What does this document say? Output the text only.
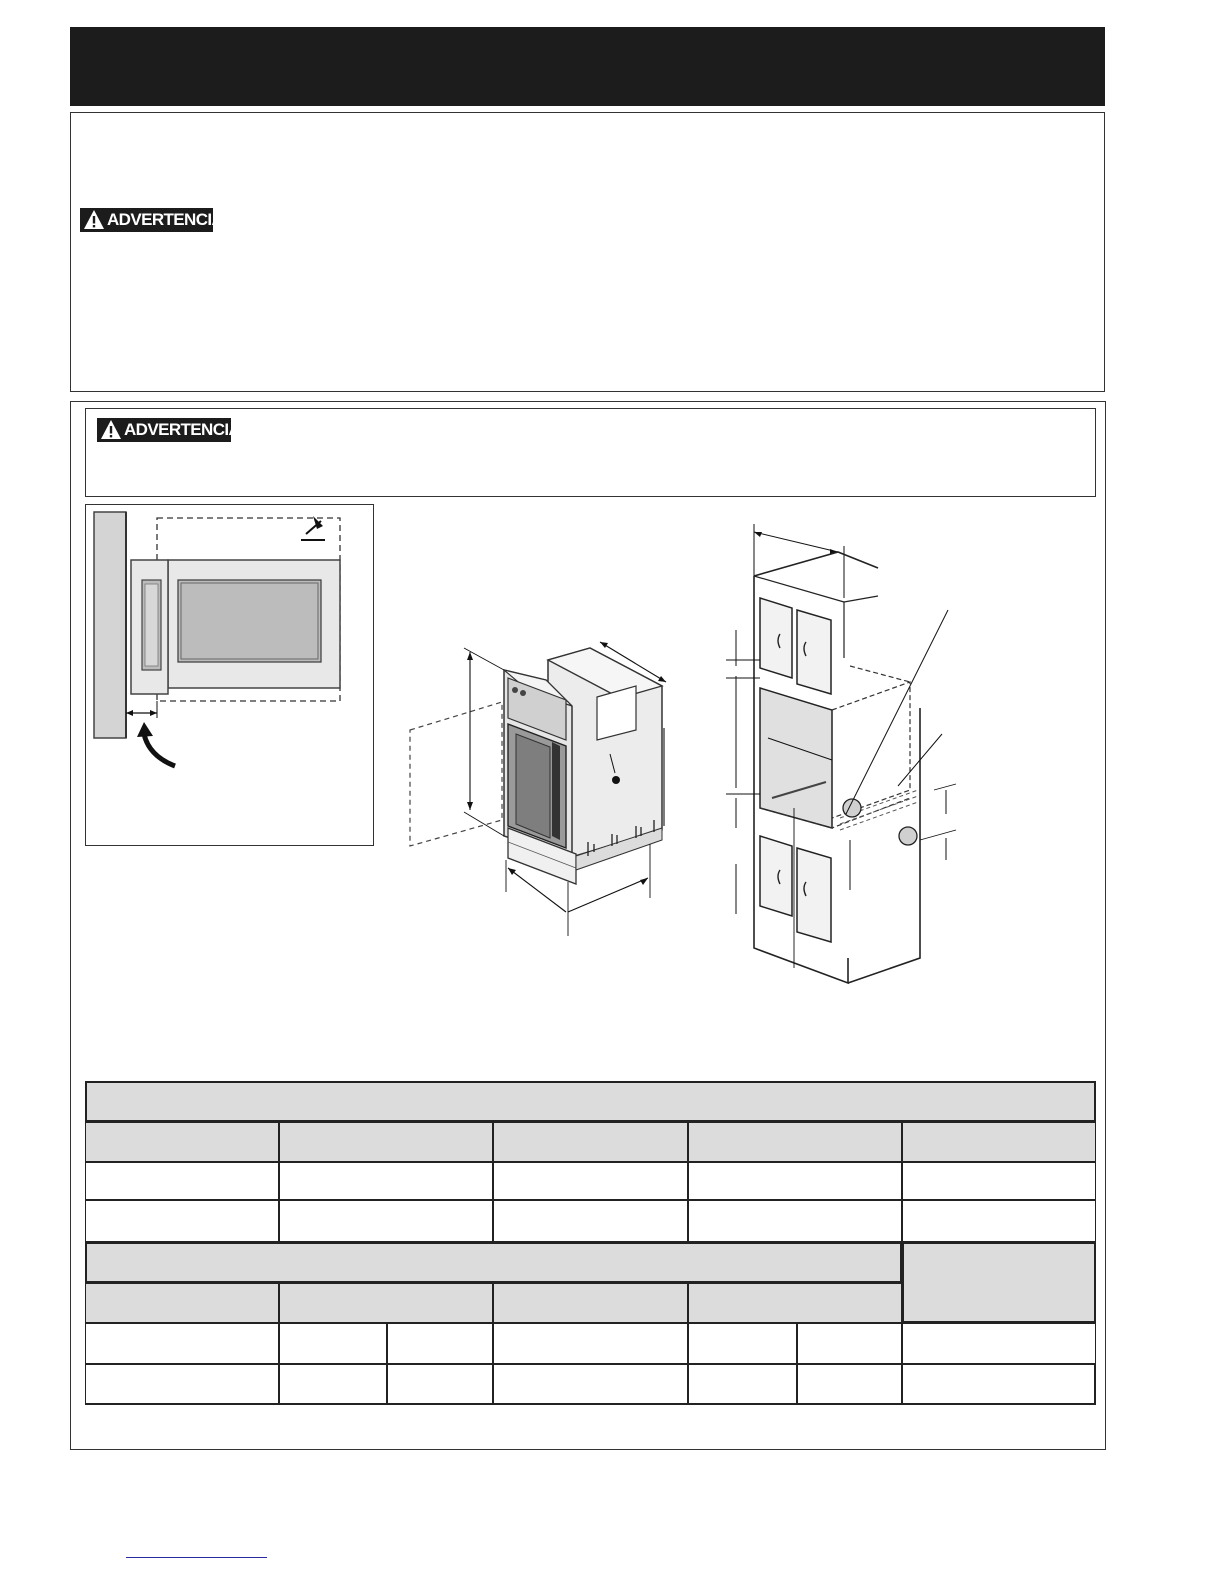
ADVERTENCIA
ADVERTENCIA
